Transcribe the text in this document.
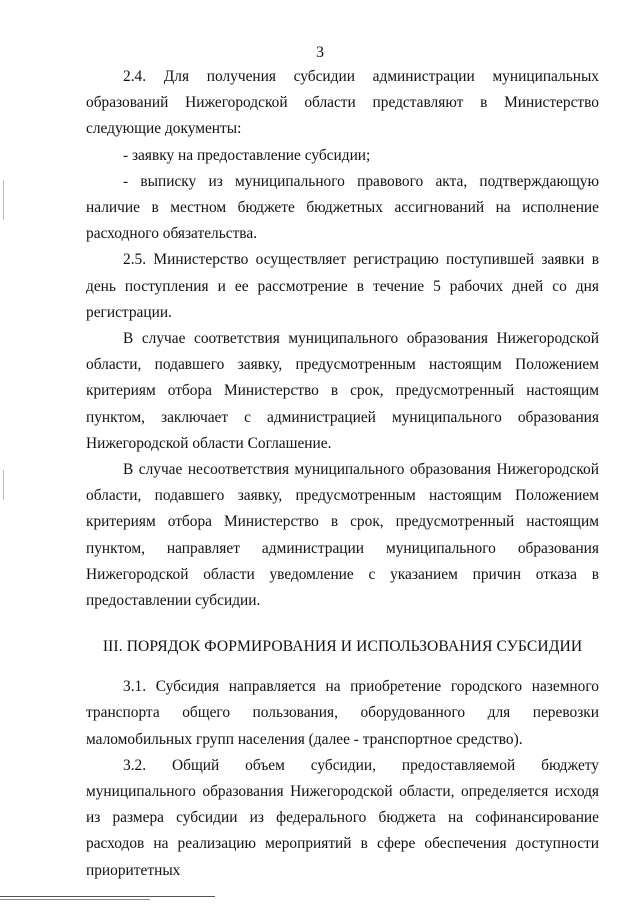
3

2.4. Для получения субсидии администрации муниципальных образований Нижегородской области представляют в Министерство следующие документы:

- заявку на предоставление субсидии;

- выписку из муниципального правового акта, подтверждающую наличие в местном бюджете бюджетных ассигнований на исполнение расходного обязательства.

2.5. Министерство осуществляет регистрацию поступившей заявки в день поступления и ее рассмотрение в течение 5 рабочих дней со дня регистрации.

В случае соответствия муниципального образования Нижегородской области, подавшего заявку, предусмотренным настоящим Положением критериям отбора Министерство в срок, предусмотренный настоящим пунктом, заключает с администрацией муниципального образования Нижегородской области Соглашение.

В случае несоответствия муниципального образования Нижегородской области, подавшего заявку, предусмотренным настоящим Положением критериям отбора Министерство в срок, предусмотренный настоящим пунктом, направляет администрации муниципального образования Нижегородской области уведомление с указанием причин отказа в предоставлении субсидии.

III. ПОРЯДОК ФОРМИРОВАНИЯ И ИСПОЛЬЗОВАНИЯ СУБСИДИИ

3.1. Субсидия направляется на приобретение городского наземного транспорта общего пользования, оборудованного для перевозки маломобильных групп населения (далее - транспортное средство).

3.2. Общий объем субсидии, предоставляемой бюджету муниципального образования Нижегородской области, определяется исходя из размера субсидии из федерального бюджета на софинансирование расходов на реализацию мероприятий в сфере обеспечения доступности приоритетных
